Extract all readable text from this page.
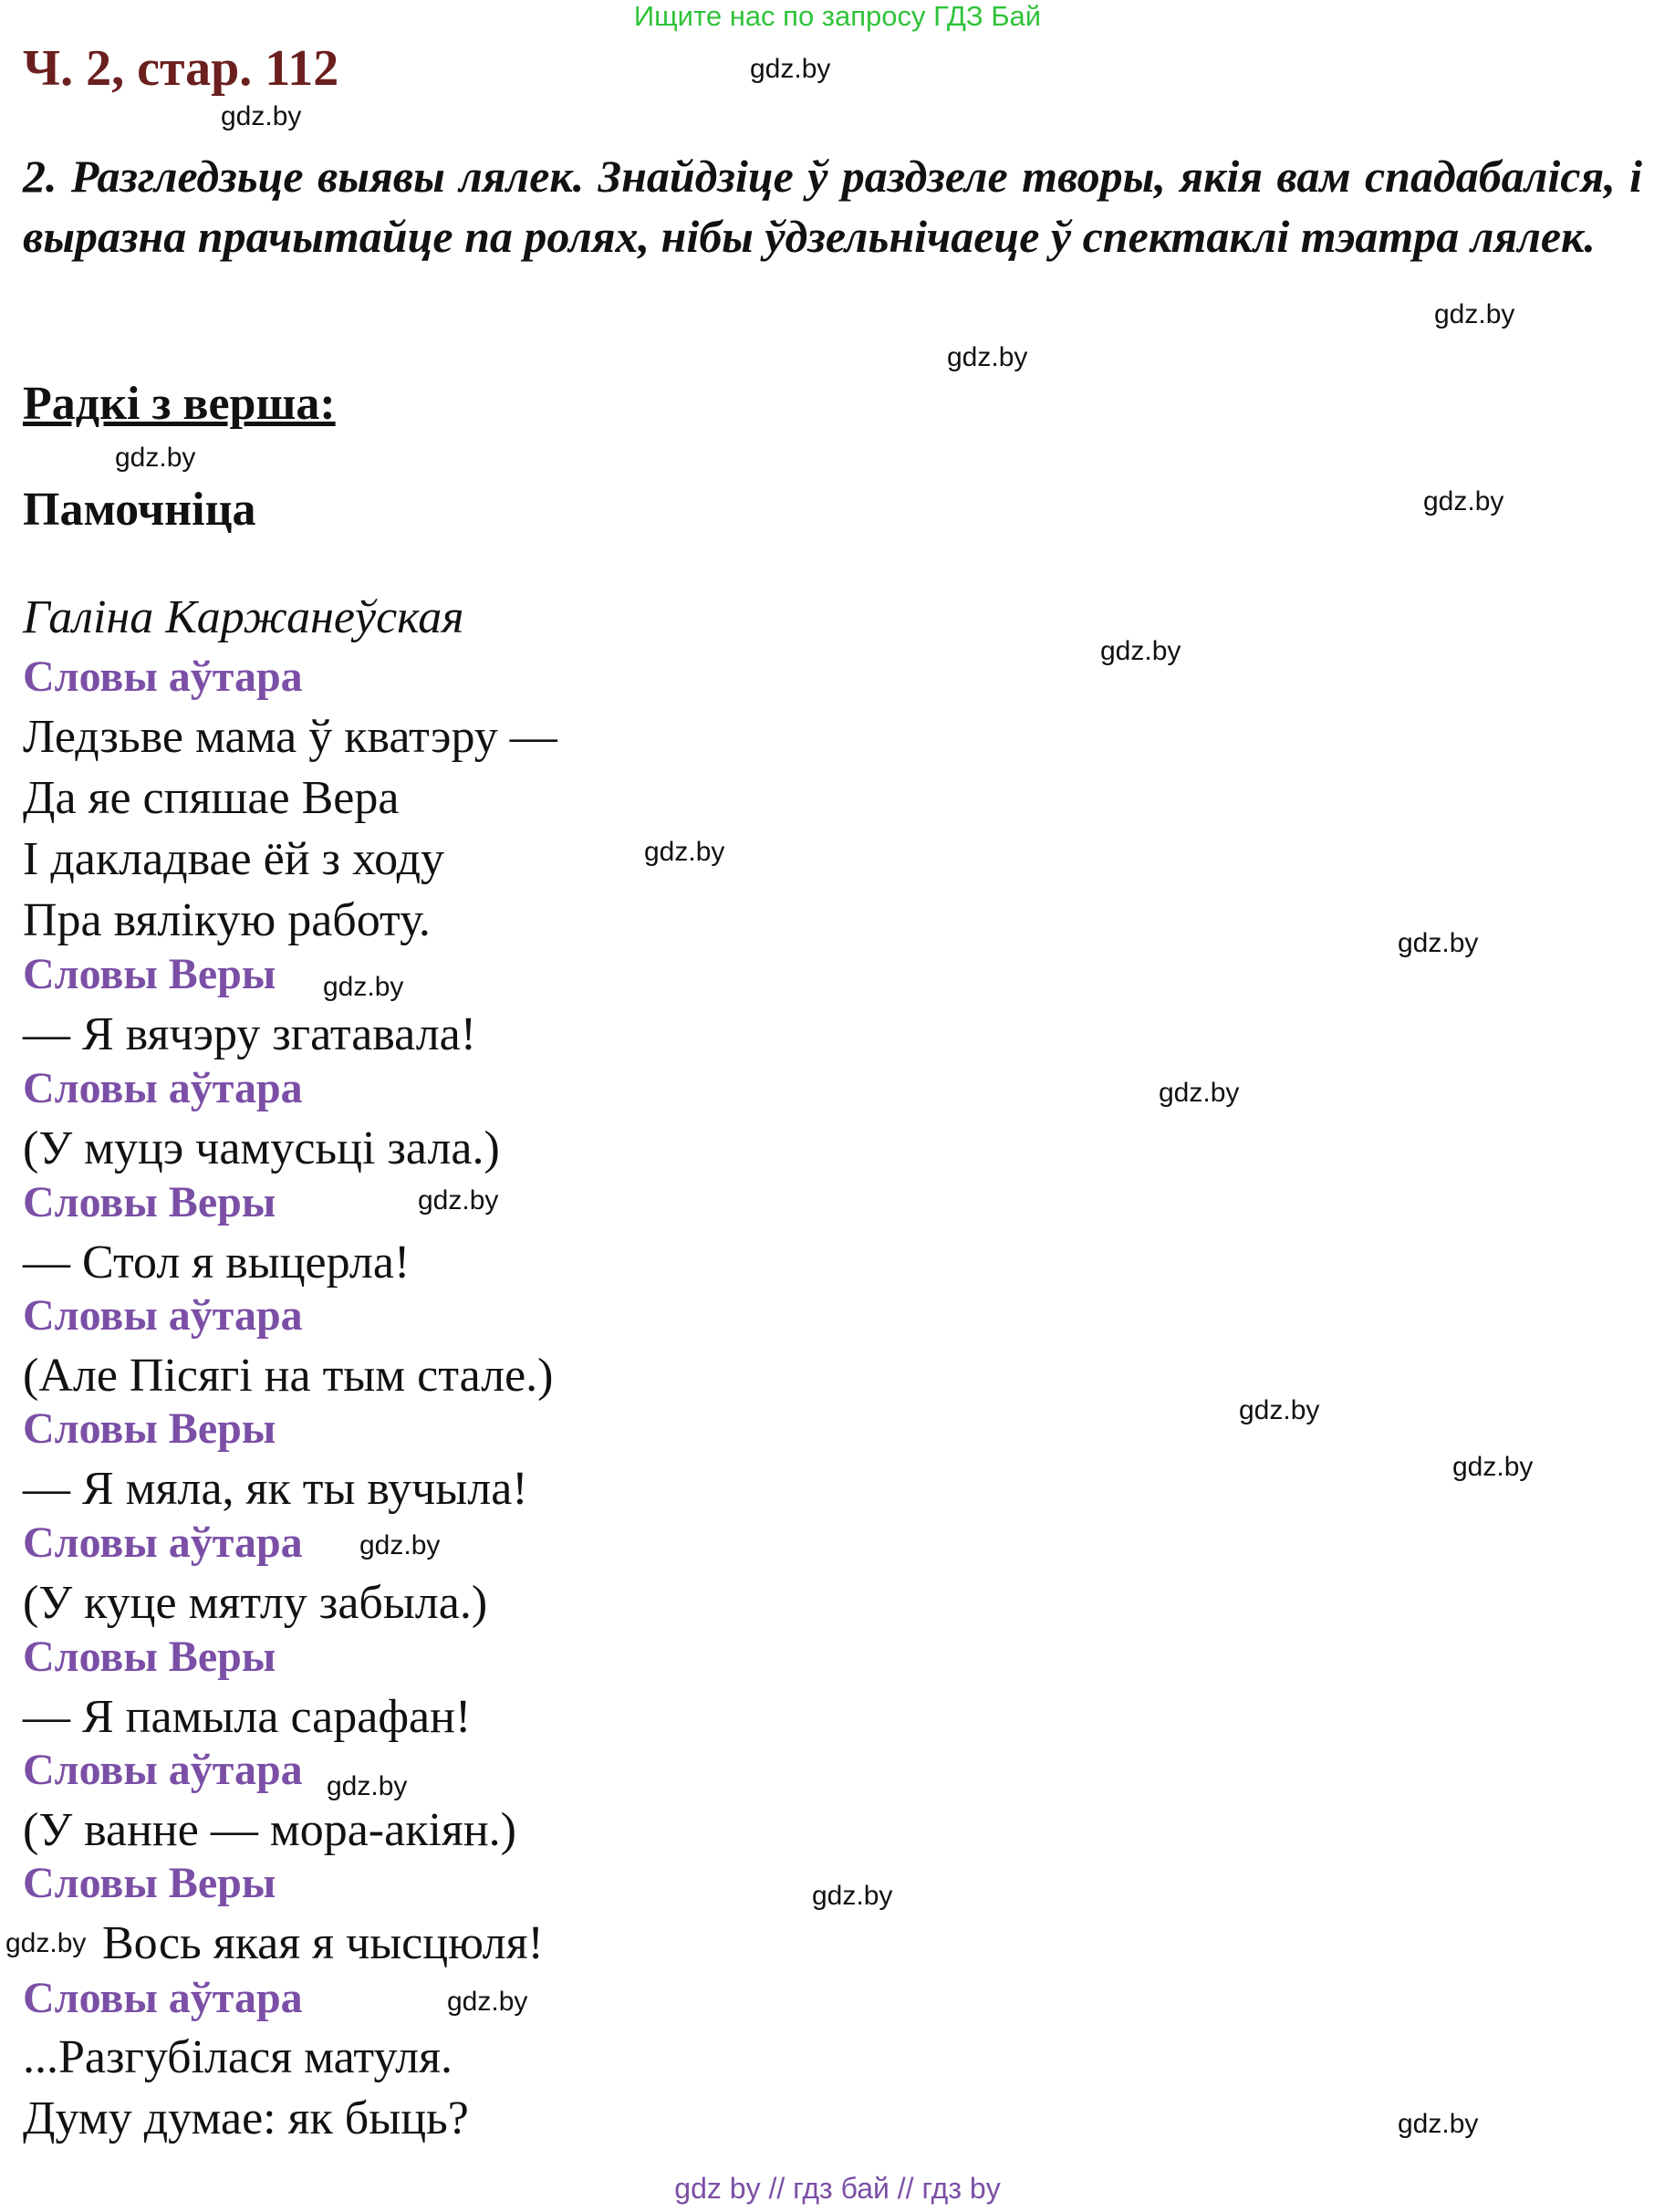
Ищите нас по запросу ГДЗ Бай
Ч. 2, стар. 112
2. Разгледзьце выявы лялек. Знайдзіце ў раздзеле творы, якія вам спадабаліся, і выразна прачытайце па ролях, нібы ўдзельнічаеце ў спектаклі тэатра лялек.
Радкі з верша:
Памочніца
Галіна Каржанеўская
Словы аўтара
Ледзьве мама ў кватэру —
Да яе спяшае Вера
І дакладвае ёй з ходу
Пра вялікую работу.
Словы Веры
— Я вячэру згатавала!
Словы аўтара
(У муцэ чамусьці зала.)
Словы Веры
— Стол я выцерла!
Словы аўтара
(Але Пісягі на тым стале.)
Словы Веры
— Я мяла, як ты вучыла!
Словы аўтара
(У куце мятлу забыла.)
Словы Веры
— Я памыла сарафан!
Словы аўтара
(У ванне — мора-акіян.)
Словы Веры
Вось якая я чысцюля!
Словы аўтара
...Разгубілася матуля.
Думу думае: як быць?
gdz.by
gdz.by
gdz.by
gdz.by
gdz.by
gdz.by
gdz.by
gdz.by
gdz.by
gdz.by
gdz.by
gdz.by
gdz.by
gdz.by
gdz.by
gdz.by
gdz.by
gdz.by
gdz.by
gdz.by
gdz by // гдз бай // гдз by
